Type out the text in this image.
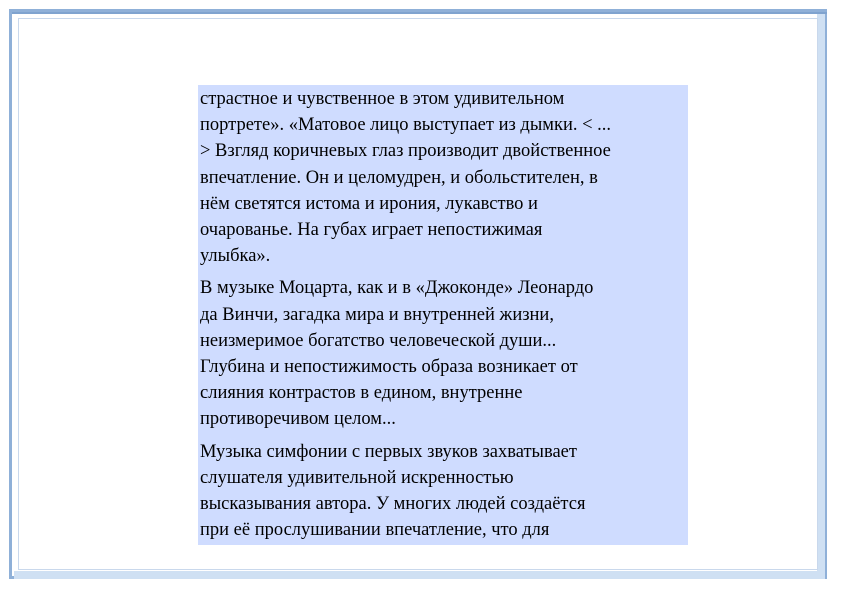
страстное и чувственное в этом удивительном
портрете». «Матовое лицо выступает из дымки. < ...
> Взгляд коричневых глаз производит двойственное
впечатление. Он и целомудрен, и обольстителен, в
нём светятся истома и ирония, лукавство и
очарованье. На губах играет непостижимая
улыбка».

В музыке Моцарта, как и в «Джоконде» Леонардо
да Винчи, загадка мира и внутренней жизни,
неизмеримое богатство человеческой души...
Глубина и непостижимость образа возникает от
слияния контрастов в едином, внутренне
противоречивом целом...

Музыка симфонии с первых звуков захватывает
слушателя удивительной искренностью
высказывания автора. У многих людей создаётся
при её прослушивании впечатление, что для
